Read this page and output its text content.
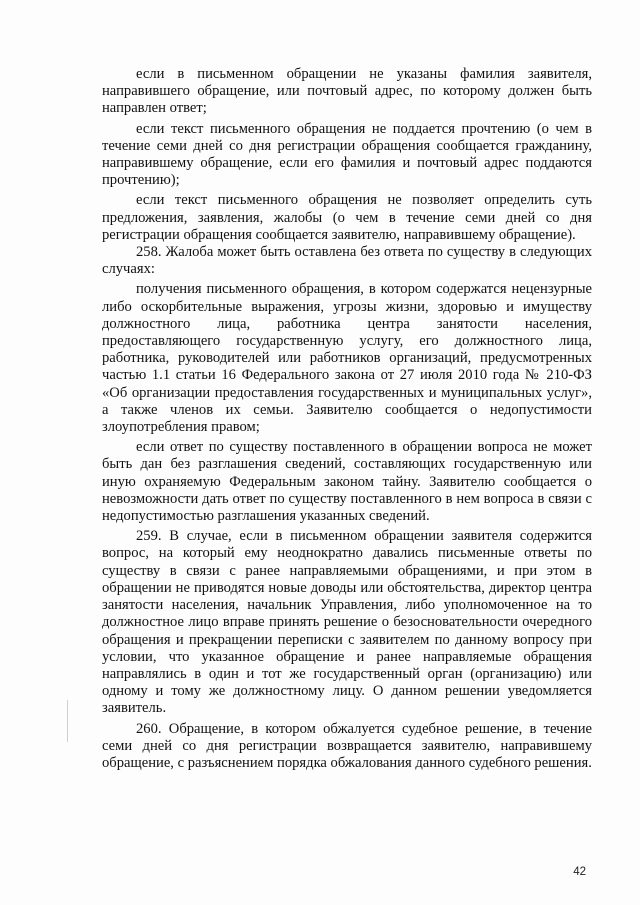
если в письменном обращении не указаны фамилия заявителя, направившего обращение, или почтовый адрес, по которому должен быть направлен ответ;

если текст письменного обращения не поддается прочтению (о чем в течение семи дней со дня регистрации обращения сообщается гражданину, направившему обращение, если его фамилия и почтовый адрес поддаются прочтению);

если текст письменного обращения не позволяет определить суть предложения, заявления, жалобы (о чем в течение семи дней со дня регистрации обращения сообщается заявителю, направившему обращение).

258. Жалоба может быть оставлена без ответа по существу в следующих случаях:

получения письменного обращения, в котором содержатся нецензурные либо оскорбительные выражения, угрозы жизни, здоровью и имуществу должностного лица, работника центра занятости населения, предоставляющего государственную услугу, его должностного лица, работника, руководителей или работников организаций, предусмотренных частью 1.1 статьи 16 Федерального закона от 27 июля 2010 года № 210-ФЗ «Об организации предоставления государственных и муниципальных услуг», а также членов их семьи. Заявителю сообщается о недопустимости злоупотребления правом;

если ответ по существу поставленного в обращении вопроса не может быть дан без разглашения сведений, составляющих государственную или иную охраняемую Федеральным законом тайну. Заявителю сообщается о невозможности дать ответ по существу поставленного в нем вопроса в связи с недопустимостью разглашения указанных сведений.

259. В случае, если в письменном обращении заявителя содержится вопрос, на который ему неоднократно давались письменные ответы по существу в связи с ранее направляемыми обращениями, и при этом в обращении не приводятся новые доводы или обстоятельства, директор центра занятости населения, начальник Управления, либо уполномоченное на то должностное лицо вправе принять решение о безосновательности очередного обращения и прекращении переписки с заявителем по данному вопросу при условии, что указанное обращение и ранее направляемые обращения направлялись в один и тот же государственный орган (организацию) или одному и тому же должностному лицу. О данном решении уведомляется заявитель.

260. Обращение, в котором обжалуется судебное решение, в течение семи дней со дня регистрации возвращается заявителю, направившему обращение, с разъяснением порядка обжалования данного судебного решения.

42
